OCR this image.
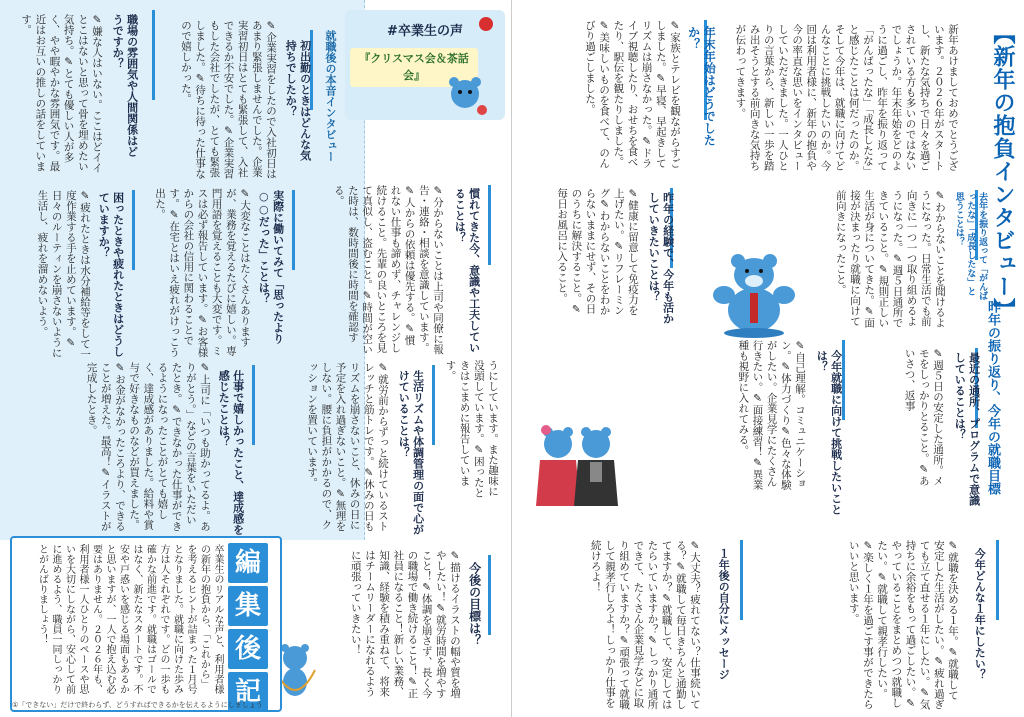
【新年の抱負インタビュー】
昨年の振り返り、今年の就職目標
新年あけましておめでとうございます。２０２６年がスタートし、新たな気持ちで日々を過ごされている方も多いのではないでしょうか。年末年始をどのように過ごし、昨年を振り返って「がんばったな」「成長したな」と感じたことは何だったのか。そして今年は、就職に向けてどんなことに挑戦したいのか。今回は利用者様に、新年の抱負や今の率直な思いをインタビューしていただきました。一人ひとりの言葉から、新しい一歩を踏み出そうとする前向きな気持ちが伝わってきます。
年末年始はどうでしたか？
✎家族とテレビを観ながらすごしました。✎早寝、早起きしてリズムは崩さなかった。✎ドライブ視聴したり、おせちを食べたり、駅伝を観たりしました。✎美味しいものを食べて、のんびり過ごしました。
去年を振り返って「がんばったな」「成長したな」と思うことは？
✎わからないことを聞けるようになった。日常生活でも前向きに一つ一つ取り組めるようになった。✎週５日通所できていること。✎規則正しい生活が身についてきた。✎面接が決まったり就職に向けて前向きになったこと。
昨年の経験で、今年も活かしていきたいことは？
✎健康に留意して免疫力を上げたい。✎リフレーミング✎わからないことをわからないままにせず、その日のうちに解決すること。✎毎日お風呂に入ること。
最近の通所、プログラムで意識していることは？
✎週５日の安定した通所。メモをしっかりとること。✎あいさつ、返事
今年就職に向けて挑戦したいことは？
✎自己理解。コミュニケーション。✎体力づくり✎色々な体験がしたい。企業見学にたくさん行きたい。✎面接練習！✎異業種も視野に入れてみる。
今年どんな１年にしたい？
✎就職を決める１年。✎就職して安定した生活がしたい。✎疲れ過ぎても立て直せる１年にしたい。✎気持ちに余裕をもって過ごしたい。✎やっていることをまとめつつ就職したい。✎就職して親孝行したい。✎楽しく１年を過ごす事ができたらいいと思います。
１年後の自分にメッセージ
✎大丈夫？疲れてない？仕事続いてる？✎就職して毎日きちんと通勤してますか？✎就職して、安定してはたらいていますか？✎しっかり通所できて、たくさん企業見学などに取り組めていますか？✎頑張って就職して親孝行しろよ！しっかり仕事を続けろよ！
#卒業生の声
『クリスマス会＆茶話会』
就職後の本音インタビュー
初出勤のときはどんな気持ちでしたか？
✎企業実習をしたので入社初日はあまり緊張しませんでした。企業実習初日はとても緊張して、入社できるか不安でした。✎企業実習もした会社でしたが、とても緊張しました。✎待ちに待った仕事なので嬉しかった。
職場の雰囲気や人間関係はどうですか？
✎嫌な人はいない。ここはどイイとこはないと思って骨を埋めたい気持ち。✎とても優しい人が多く、やや暇やかな雰囲気です。最近はお互いの推しの話をしています。
慣れてきた今、意識や工夫していることは？
✎分からないことは上司や同僚に報告・連絡・相談を意識しています。✎人からの依頼は優先する。✎慣れない仕事も諦めず、チャレンジし続けること。先輩の良いところを見て真似し、盗むこと。✎時間が空いた時は、数時間後に時間を確認する。
実際に働いてみて「思ったより○○だった」ことは？
✎大変なことはたくさんありますが、業務を覚えるたびに嬉しい。専門用語を覚えることも大変です。ミスは必ず報告しています。✎お客様からの会社の信用に関わることです。✎在宅とはいえ疲れがけっこう出た。
困ったときや疲れたときはどうしていますか？
✎疲れたときは水分補給等をして一度作業する手を止めています。✎日々のルーティンを崩さないように生活し、疲れを溜めないよう。
うにしています。また趣味に没頭しています。✎困ったときはこまめに報告しています。
生活リズムや体調管理の面で心がけていることは？
✎就労前からずっと続けているストレッチと筋トレです。✎休みの日もリズムを崩さないこと、休みの日に予定を入れ過ぎないこと。✎無理をしない。腰に負担がかかるので、クッションを置いています。
仕事で嬉しかったこと、達成感を感じたことは？
✎上司に「いつも助かってるよ。ありがとう。」などの言葉をいただいたとき。✎できなかった仕事ができるようになったことがとても嬉しく、達成感がありました。給料や賞与で好きなものなどが買えました。✎お金がなかったころより、できることが増えた。最高！✎イラストが完成したとき。
今後の目標は？
✎描けるイラストの幅や質を増やしたい！✎就労時間を増やすこと！✎体調を崩さず、長く今の職場で働き続けること！✎正社員になること！新しい業務、知識、経験を積み重ねて、将来はチームリーダーになれるように頑張っていきたい！
編
集
後
記
卒業生のリアルな声と、利用者様の新年の抱負から、「これから」を考えるヒントが詰まった１月号となりました。就職に向けた歩み方は人それぞれです。どの一歩も確かな前進です。就職はゴールではなく、新たなスタートです。不安や戸惑いを感じる場面もあるかと思いますが、一人で抱え込む必要はありません。２０２６年も、利用者様一人ひとりのペースや思いを大切にしながら、安心して前に進めるよう、職員一同しっかりとがんばりましょう！
①「できない」だけで終わらず、どうすればできるかを伝えるようにしましょう
